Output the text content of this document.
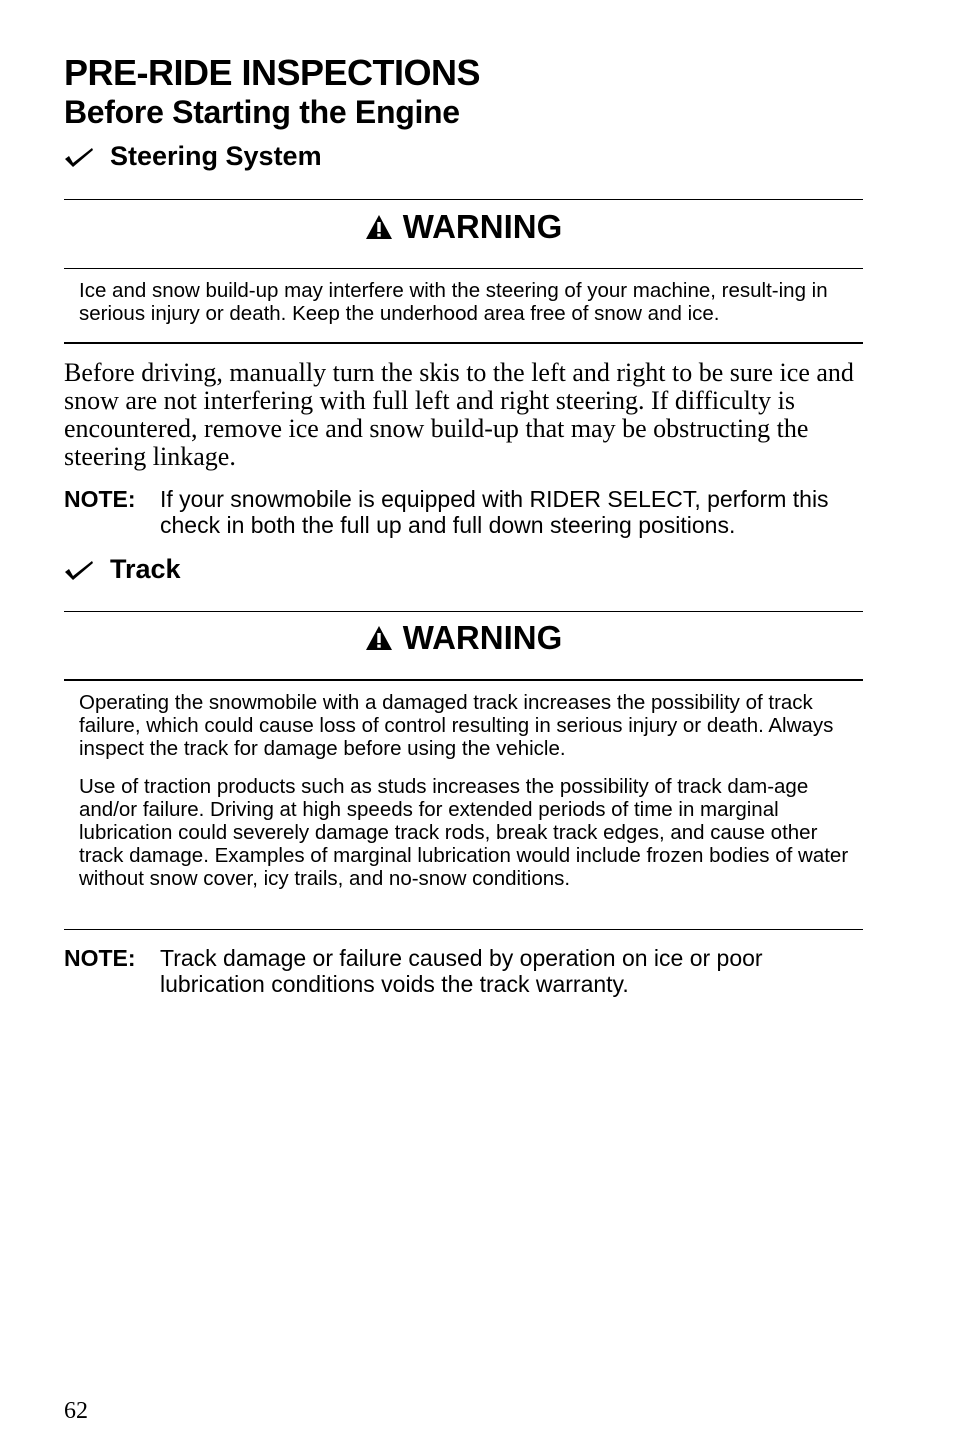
PRE-RIDE INSPECTIONS
Before Starting the Engine
Steering System
WARNING

Ice and snow build-up may interfere with the steering of your machine, result-ing in serious injury or death. Keep the underhood area free of snow and ice.

Before driving, manually turn the skis to the left and right to be sure ice and snow are not interfering with full left and right steering. If difficulty is encountered, remove ice and snow build-up that may be obstructing the steering linkage.
NOTE:	If your snowmobile is equipped with RIDER SELECT, perform this check in both the full up and full down steering positions.
Track
WARNING

Operating the snowmobile with a damaged track increases the possibility of track failure, which could cause loss of control resulting in serious injury or death. Always inspect the track for damage before using the vehicle.

Use of traction products such as studs increases the possibility of track dam-age and/or failure. Driving at high speeds for extended periods of time in marginal lubrication could severely damage track rods, break track edges, and cause other track damage. Examples of marginal lubrication would include frozen bodies of water without snow cover, icy trails, and no-snow conditions.

NOTE:	Track damage or failure caused by operation on ice or poor lubrication conditions voids the track warranty.
62
